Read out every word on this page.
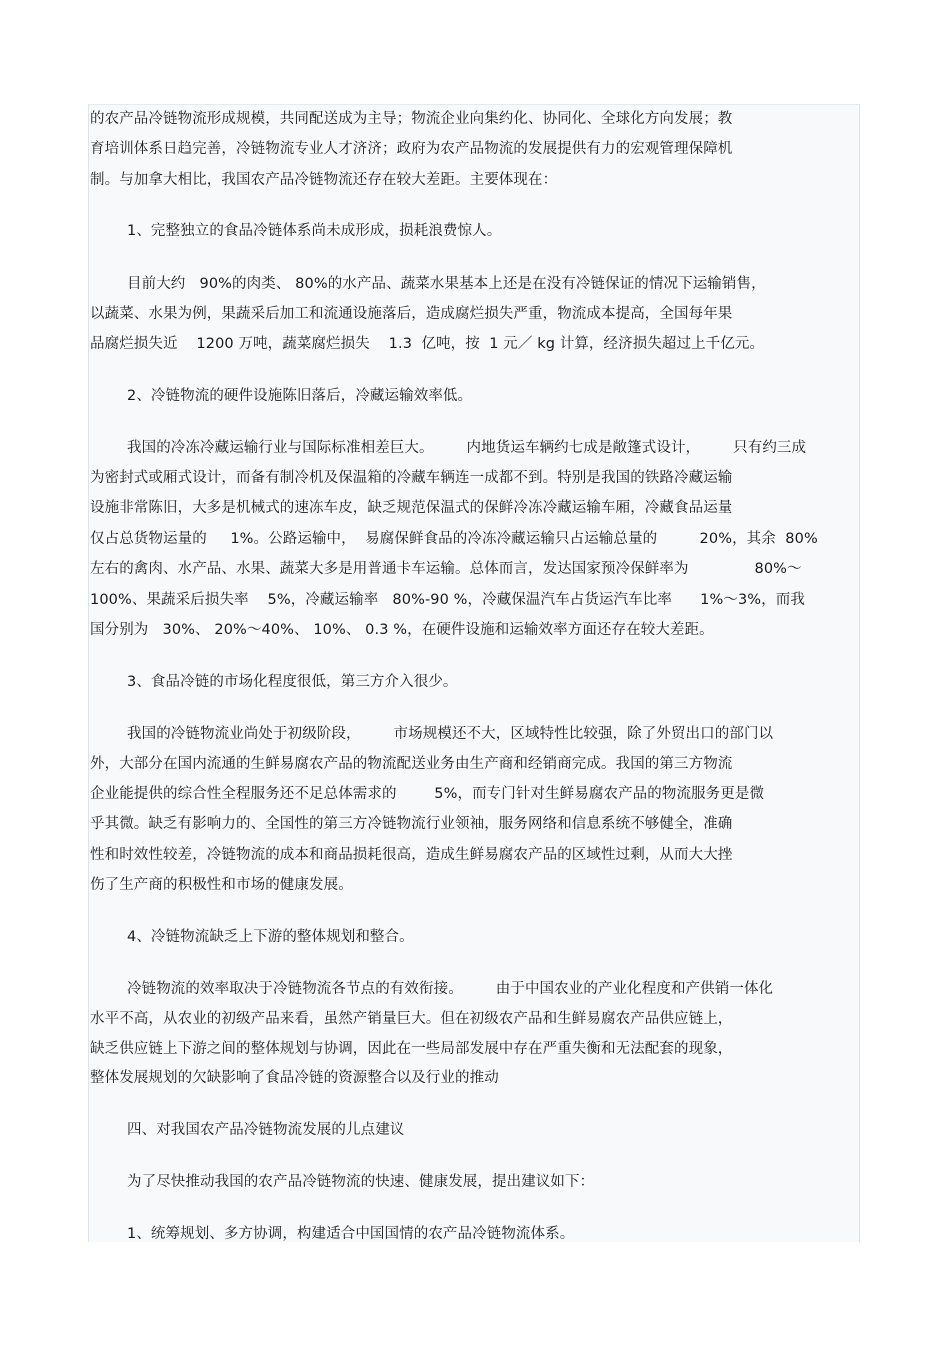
的农产品冷链物流形成规模，共同配送成为主导；物流企业向集约化、协同化、全球化方向发展；教
育培训体系日趋完善，冷链物流专业人才济济；政府为农产品物流的发展提供有力的宏观管理保障机
制。与加拿大相比，我国农产品冷链物流还存在较大差距。主要体现在：
1、完整独立的食品冷链体系尚未成形成，损耗浪费惊人。
目前大约   90%的肉类、 80%的水产品、蔬菜水果基本上还是在没有冷链保证的情况下运输销售，
以蔬菜、水果为例，果蔬采后加工和流通设施落后，造成腐烂损失严重，物流成本提高，全国每年果
品腐烂损失近    1200 万吨，蔬菜腐烂损失    1.3  亿吨，按  1 元／ kg 计算，经济损失超过上千亿元。
2、冷链物流的硬件设施陈旧落后，冷藏运输效率低。
我国的冷冻冷藏运输行业与国际标准相差巨大。       内地货运车辆约七成是敞篷式设计，       只有约三成
为密封式或厢式设计，而备有制冷机及保温箱的冷藏车辆连一成都不到。特别是我国的铁路冷藏运输
设施非常陈旧，大多是机械式的速冻车皮，缺乏规范保温式的保鲜冷冻冷藏运输车厢，冷藏食品运量
仅占总货物运量的     1%。公路运输中，  易腐保鲜食品的冷冻冷藏运输只占运输总量的         20%，其余  80%
左右的禽肉、水产品、水果、蔬菜大多是用普通卡车运输。总体而言，发达国家预冷保鲜率为              80%～
100%、果蔬采后损失率    5%，冷藏运输率   80%-90 %，冷藏保温汽车占货运汽车比率      1%～3%，而我
国分别为   30%、 20%～40%、 10%、 0.3 %，在硬件设施和运输效率方面还存在较大差距。
3、食品冷链的市场化程度很低，第三方介入很少。
我国的冷链物流业尚处于初级阶段，       市场规模还不大，区域特性比较强，除了外贸出口的部门以
外，大部分在国内流通的生鲜易腐农产品的物流配送业务由生产商和经销商完成。我国的第三方物流
企业能提供的综合性全程服务还不足总体需求的        5%，而专门针对生鲜易腐农产品的物流服务更是微
乎其微。缺乏有影响力的、全国性的第三方冷链物流行业领袖，服务网络和信息系统不够健全，准确
性和时效性较差，冷链物流的成本和商品损耗很高，造成生鲜易腐农产品的区域性过剩，从而大大挫
伤了生产商的积极性和市场的健康发展。
4、冷链物流缺乏上下游的整体规划和整合。
冷链物流的效率取决于冷链物流各节点的有效衔接。       由于中国农业的产业化程度和产供销一体化
水平不高，从农业的初级产品来看，虽然产销量巨大。但在初级农产品和生鲜易腐农产品供应链上，
缺乏供应链上下游之间的整体规划与协调，因此在一些局部发展中存在严重失衡和无法配套的现象，
整体发展规划的欠缺影响了食品冷链的资源整合以及行业的推动
四、对我国农产品冷链物流发展的儿点建议
为了尽快推动我国的农产品冷链物流的快速、健康发展，提出建议如下：
1、统筹规划、多方协调，构建适合中国国情的农产品冷链物流体系。
